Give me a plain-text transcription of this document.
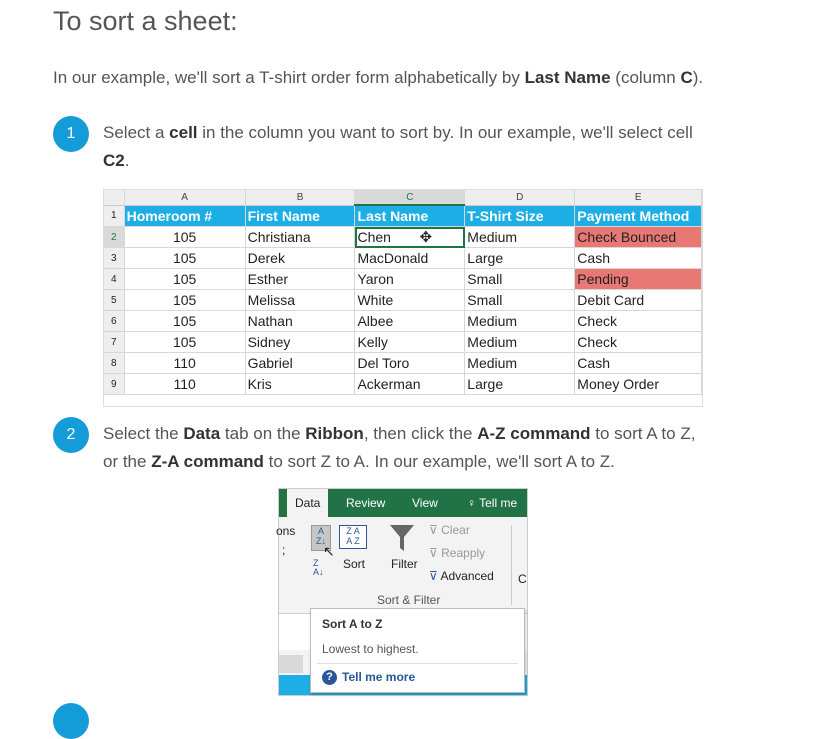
To sort a sheet:
In our example, we'll sort a T-shirt order form alphabetically by Last Name (column C).
1	Select a cell in the column you want to sort by. In our example, we'll select cell C2.
	A	B	C	D	E
1	Homeroom #	First Name	Last Name	T-Shirt Size	Payment Method
2	105	Christiana	Chen ✥	Medium	Check Bounced
3	105	Derek	MacDonald	Large	Cash
4	105	Esther	Yaron	Small	Pending
5	105	Melissa	White	Small	Debit Card
6	105	Nathan	Albee	Medium	Check
7	105	Sidney	Kelly	Medium	Check
8	110	Gabriel	Del Toro	Medium	Cash
9	110	Kris	Ackerman	Large	Money Order
2	Select the Data tab on the Ribbon, then click the A-Z command to sort A to Z, or the Z-A command to sort Z to A. In our example, we'll sort A to Z.
Data	Review View ♀ Tell me
ons
;
A
Z↓
↖
Z
A↓
Z A
A Z
Sort Filter
⊽ Clear
⊽ Reapply
⊽ Advanced C
Sort & Filter
Sort A to Z
Lowest to highest.
? Tell me more
